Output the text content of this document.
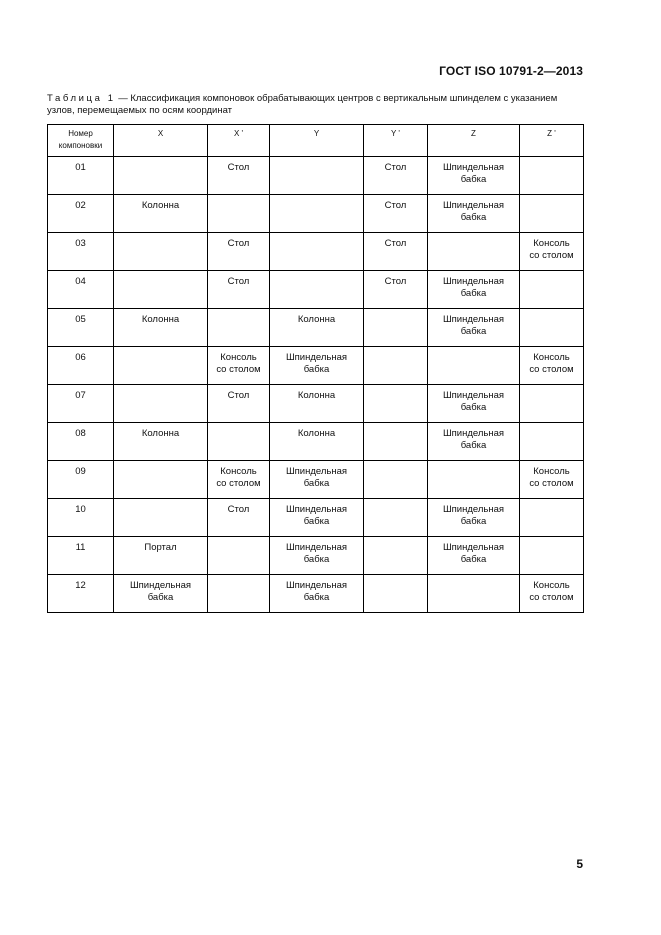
ГОСТ ISO 10791-2—2013
Таблица 1 — Классификация компоновок обрабатывающих центров с вертикальным шпинделем с указанием узлов, перемещаемых по осям координат
Номер
компоновки	X	X '	Y	Y '	Z	Z '
01		Стол		Стол	Шпиндельная
бабка	
02	Колонна			Стол	Шпиндельная
бабка	
03		Стол		Стол		Консоль
со столом
04		Стол		Стол	Шпиндельная
бабка	
05	Колонна		Колонна		Шпиндельная
бабка	
06		Консоль
со столом	Шпиндельная
бабка			Консоль
со столом
07		Стол	Колонна		Шпиндельная
бабка	
08	Колонна		Колонна		Шпиндельная
бабка	
09		Консоль
со столом	Шпиндельная
бабка			Консоль
со столом
10		Стол	Шпиндельная
бабка		Шпиндельная
бабка	
11	Портал		Шпиндельная
бабка		Шпиндельная
бабка	
12	Шпиндельная
бабка		Шпиндельная
бабка			Консоль
со столом
5
